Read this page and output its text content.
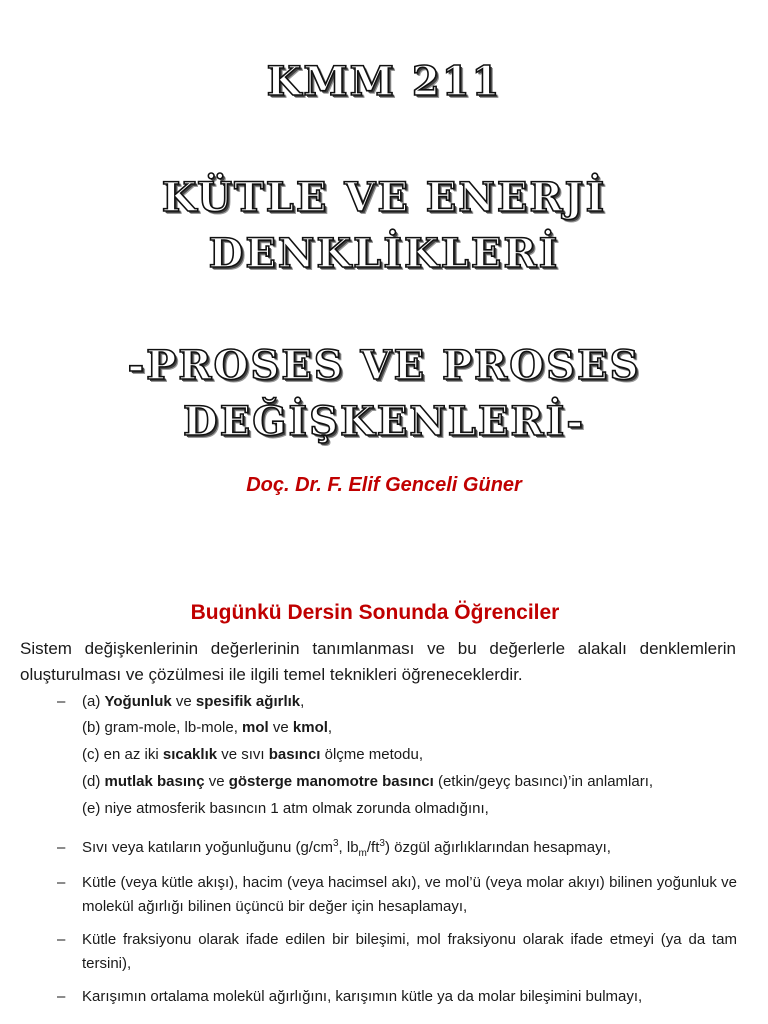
KMM 211
KÜTLE VE ENERJİ
DENKLİKLERİ
-PROSES VE PROSES
DEĞİŞKENLERİ-
Doç. Dr. F. Elif Genceli Güner
Bugünkü Dersin Sonunda Öğrenciler
Sistem değişkenlerinin değerlerinin tanımlanması ve bu değerlerle alakalı denklemlerin oluşturulması ve çözülmesi ile ilgili temel teknikleri öğreneceklerdir.
– (a) Yoğunluk ve spesifik ağırlık,
(b) gram-mole, lb-mole, mol ve kmol,
(c) en az iki sıcaklık ve sıvı basıncı ölçme metodu,
(d) mutlak basınç ve gösterge manomotre basıncı (etkin/geyç basıncı)’in anlamları,
(e) niye atmosferik basıncın 1 atm olmak zorunda olmadığını,
– Sıvı veya katıların yoğunluğunu ($g/cm^3$, $lb_m/ft^3$) özgül ağırlıklarından hesapmayı,
– Kütle (veya kütle akışı), hacim (veya hacimsel akı), ve mol’ü (veya molar akıyı) bilinen yoğunluk ve molekül ağırlığı bilinen üçüncü bir değer için hesaplamayı,
– Kütle fraksiyonu olarak ifade edilen bir bileşimi, mol fraksiyonu olarak ifade etmeyi (ya da tam tersini),
– Karışımın ortalama molekül ağırlığını, karışımın kütle ya da molar bileşimini bulmayı,
